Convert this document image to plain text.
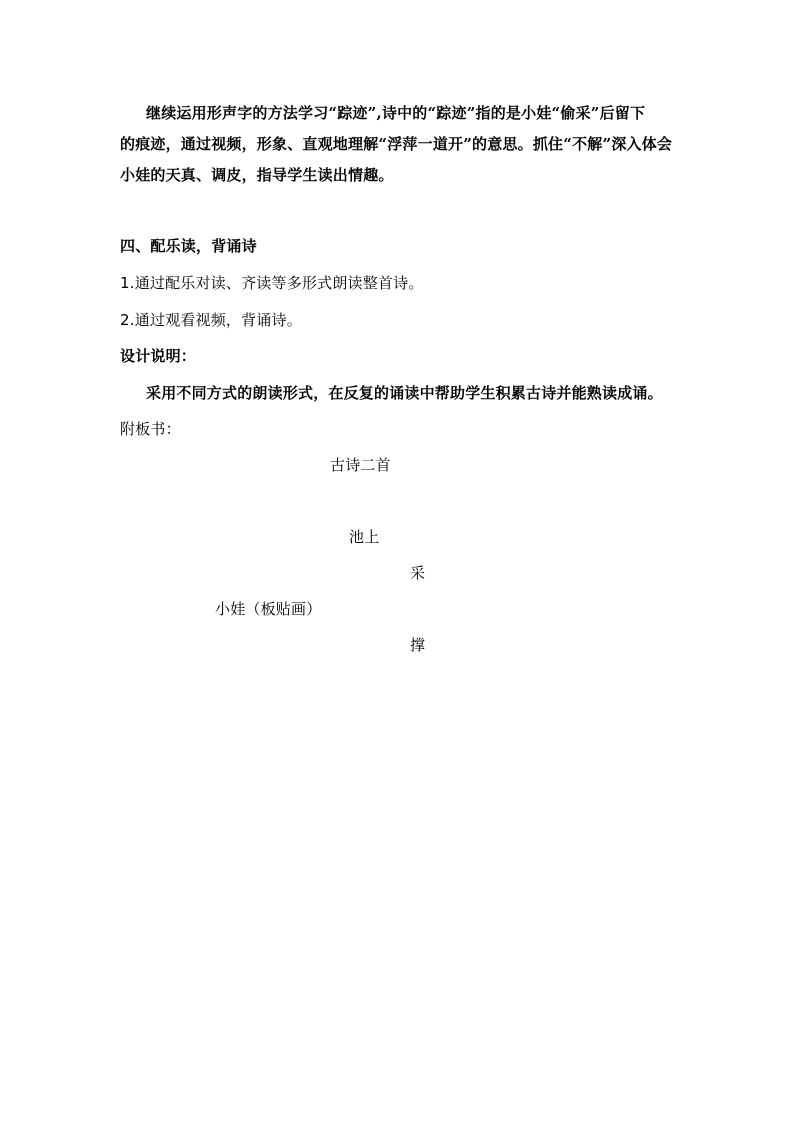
继续运用形声字的方法学习“踪迹”,诗中的“踪迹”指的是小娃“偷采”后留下
的痕迹，通过视频，形象、直观地理解“浮萍一道开”的意思。抓住“不解”深入体会
小娃的天真、调皮，指导学生读出情趣。
四、配乐读，背诵诗
1.通过配乐对读、齐读等多形式朗读整首诗。
2.通过观看视频，背诵诗。
设计说明：
采用不同方式的朗读形式，在反复的诵读中帮助学生积累古诗并能熟读成诵。
附板书：
古诗二首
池上
采
小娃（板贴画）
撑
